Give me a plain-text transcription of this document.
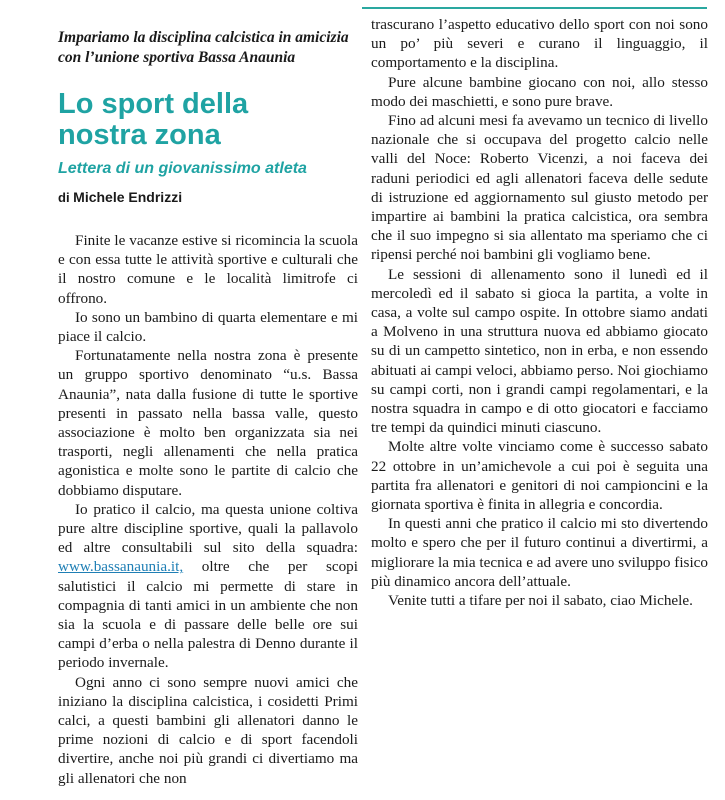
Impariamo la disciplina calcistica in amicizia con l’unione sportiva Bassa Anaunia
Lo sport della
nostra zona
Lettera di un giovanissimo atleta
di Michele Endrizzi

Finite le vacanze estive si ricomincia la scuola e con essa tutte le attività sportive e culturali che il nostro comune e le località limitrofe ci offrono.

Io sono un bambino di quarta elementare e mi piace il calcio.

Fortunatamente nella nostra zona è presente un gruppo sportivo denominato “u.s. Bassa Anaunia”, nata dalla fusione di tutte le sportive presenti in passato nella bassa valle, questo associazione è molto ben organizzata sia nei trasporti, negli allenamenti che nella pratica agonistica e molte sono le partite di calcio che dobbiamo disputare.

Io pratico il calcio, ma questa unione coltiva pure altre discipline sportive, quali la pallavolo ed altre consultabili sul sito della squadra: www.bassanaunia.it, oltre che per scopi salutistici il calcio mi permette di stare in compagnia di tanti amici in un ambiente che non sia la scuola e di passare delle belle ore sui campi d’erba o nella palestra di Denno durante il periodo invernale.

Ogni anno ci sono sempre nuovi amici che iniziano la disciplina calcistica, i cosidetti Primi calci, a questi bambini gli allenatori danno le prime nozioni di calcio e di sport facendoli divertire, anche noi più grandi ci divertiamo ma gli allenatori che non

trascurano l’aspetto educativo dello sport con noi sono un po’ più severi e curano il linguaggio, il comportamento e la disciplina.

Pure alcune bambine giocano con noi, allo stesso modo dei maschietti, e sono pure brave.

Fino ad alcuni mesi fa avevamo un tecnico di livello nazionale che si occupava del progetto calcio nelle valli del Noce: Roberto Vicenzi, a noi faceva dei raduni periodici ed agli allenatori faceva delle sedute di istruzione ed aggiornamento sul giusto metodo per impartire ai bambini la pratica calcistica, ora sembra che il suo impegno si sia allentato ma speriamo che ci ripensi perché noi bambini gli vogliamo bene.

Le sessioni di allenamento sono il lunedì ed il mercoledì ed il sabato si gioca la partita, a volte in casa, a volte sul campo ospite. In ottobre siamo andati a Molveno in una struttura nuova ed abbiamo giocato su di un campetto sintetico, non in erba, e non essendo abituati ai campi veloci, abbiamo perso. Noi giochiamo su campi corti, non i grandi campi regolamentari, e la nostra squadra in campo e di otto giocatori e facciamo tre tempi da quindici minuti ciascuno.

Molte altre volte vinciamo come è successo sabato 22 ottobre in un’amichevole a cui poi è seguita una partita fra allenatori e genitori di noi campioncini e la giornata sportiva è finita in allegria e concordia.

In questi anni che pratico il calcio mi sto divertendo molto e spero che per il futuro continui a divertirmi, a migliorare la mia tecnica e ad avere uno sviluppo fisico più dinamico ancora dell’attuale.

Venite tutti a tifare per noi il sabato, ciao Michele.
